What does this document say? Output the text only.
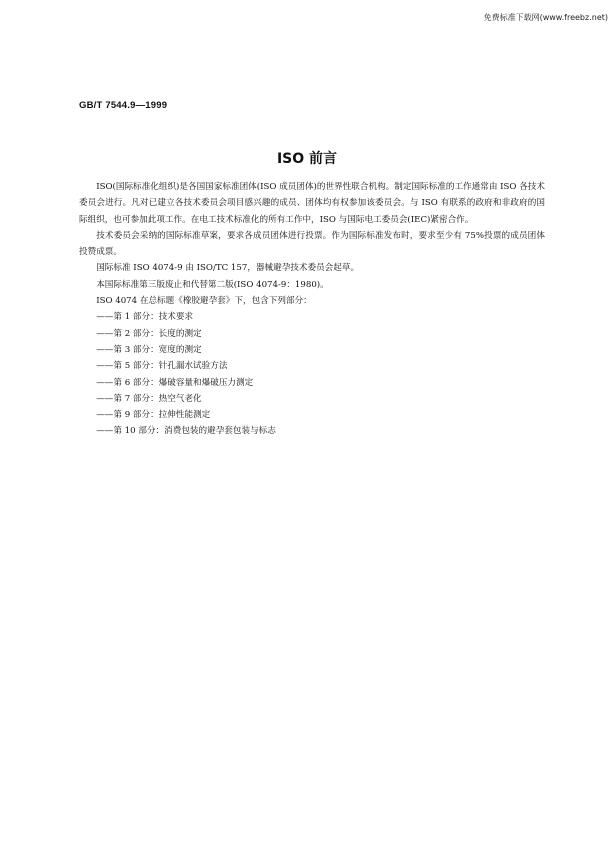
免费标准下载网(www.freebz.net)
GB/T 7544.9—1999
ISO 前言

ISO(国际标准化组织)是各国国家标准团体(ISO 成员团体)的世界性联合机构。制定国际标准的工作通常由 ISO 各技术委员会进行。凡对已建立各技术委员会项目感兴趣的成员、团体均有权参加该委员会。与 ISO 有联系的政府和非政府的国际组织，也可参加此项工作。在电工技术标准化的所有工作中，ISO 与国际电工委员会(IEC)紧密合作。

技术委员会采纳的国际标准草案，要求各成员团体进行投票。作为国际标准发布时，要求至少有 75%投票的成员团体投赞成票。

国际标准 ISO 4074-9 由 ISO/TC 157，器械避孕技术委员会起草。

本国际标准第三版废止和代替第二版(ISO 4074-9：1980)。

ISO 4074 在总标题《橡胶避孕套》下，包含下列部分：

——第 1 部分：技术要求

——第 2 部分：长度的测定

——第 3 部分：宽度的测定

——第 5 部分：针孔漏水试验方法

——第 6 部分：爆破容量和爆破压力测定

——第 7 部分：热空气老化

——第 9 部分：拉伸性能测定

——第 10 部分：消费包装的避孕套包装与标志
